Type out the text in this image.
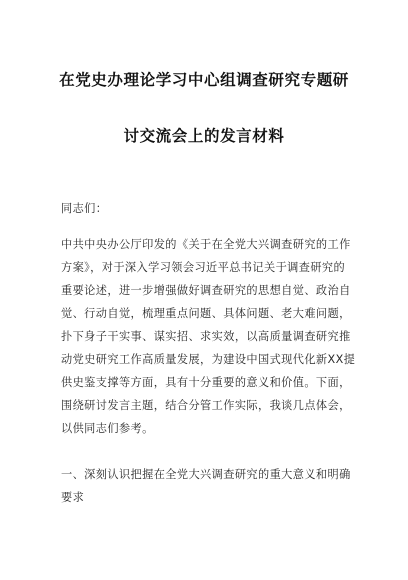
在党史办理论学习中心组调查研究专题研
讨交流会上的发言材料
同志们：
中共中央办公厅印发的《关于在全党大兴调查研究的工作
方案》，对于深入学习领会习近平总书记关于调查研究的
重要论述，进一步增强做好调查研究的思想自觉、政治自
觉、行动自觉，梳理重点问题、具体问题、老大难问题，
扑下身子干实事、谋实招、求实效，以高质量调查研究推
动党史研究工作高质量发展，为建设中国式现代化新XX提
供史鉴支撑等方面，具有十分重要的意义和价值。下面，
围绕研讨发言主题，结合分管工作实际，我谈几点体会，
以供同志们参考。
一、深刻认识把握在全党大兴调查研究的重大意义和明确
要求
